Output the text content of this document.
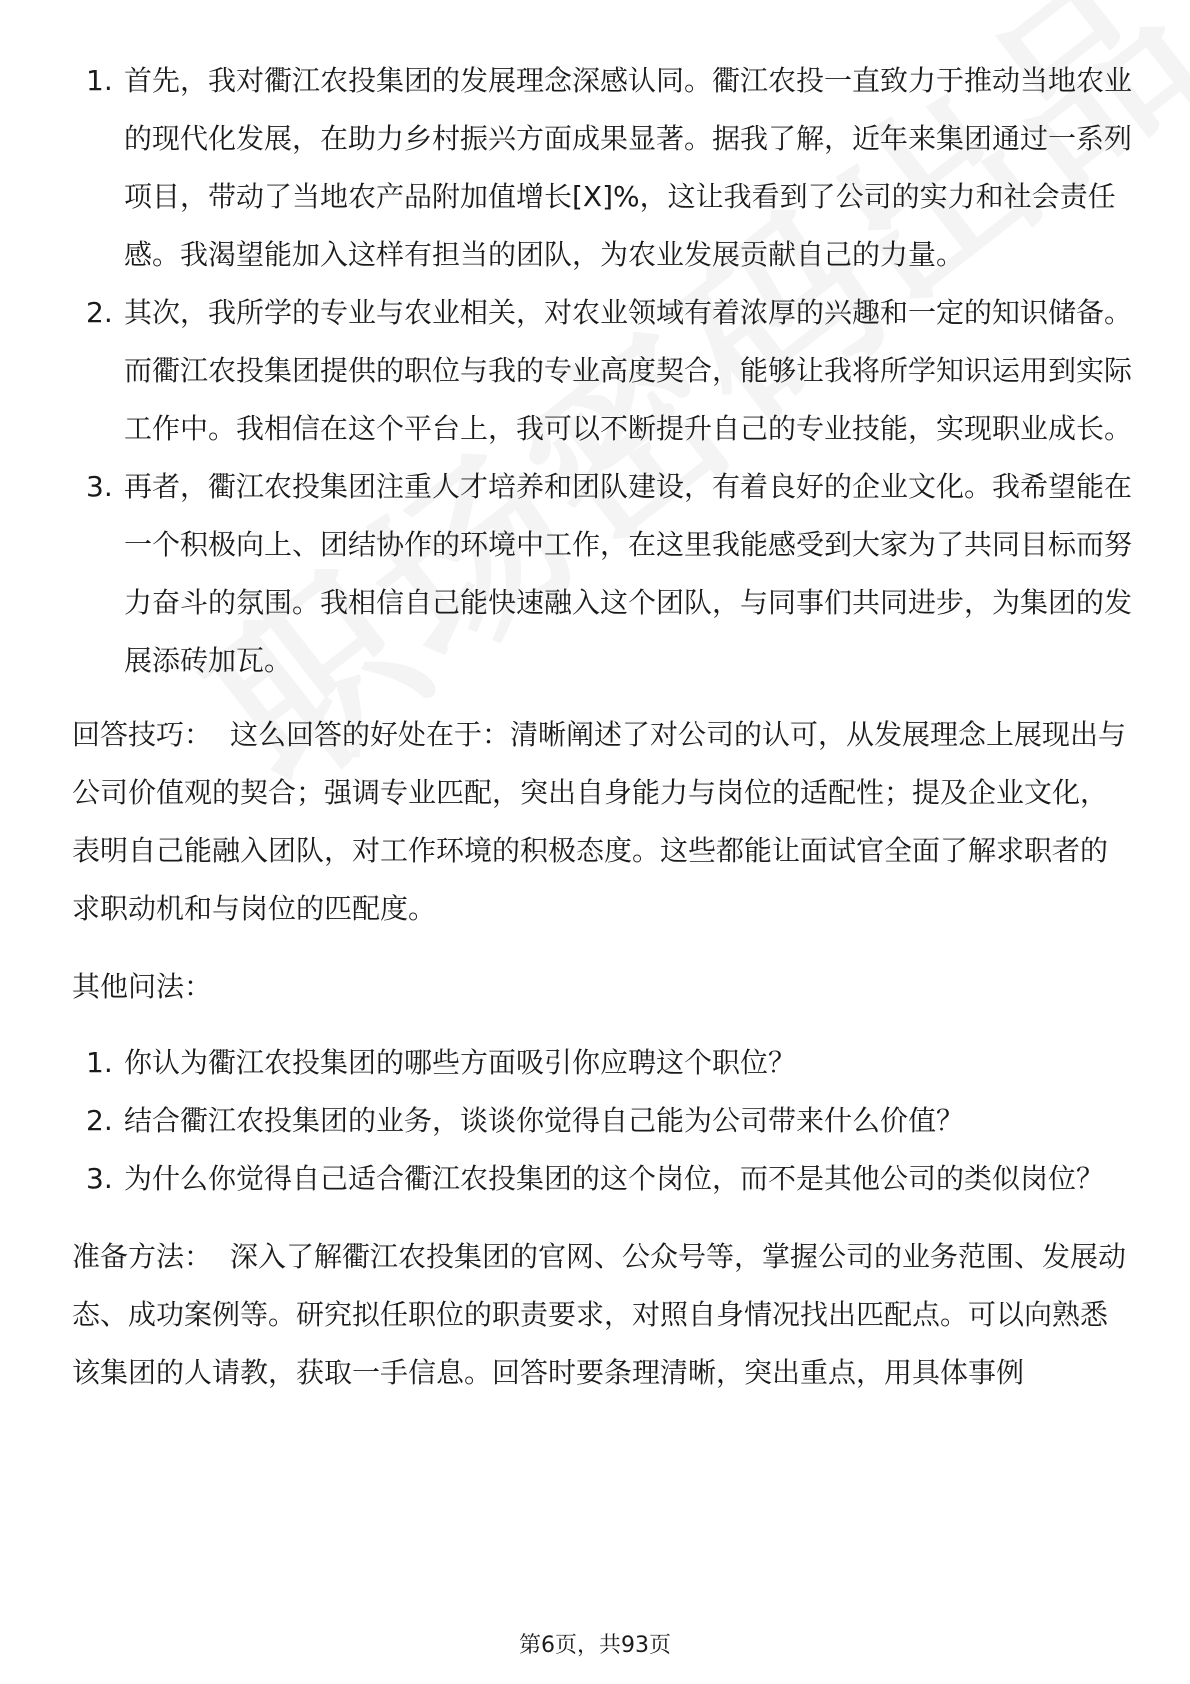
1. 首先，我对衢江农投集团的发展理念深感认同。衢江农投一直致力于推动当地农业的现代化发展，在助力乡村振兴方面成果显著。据我了解，近年来集团通过一系列项目，带动了当地农产品附加值增长[X]%，这让我看到了公司的实力和社会责任感。我渴望能加入这样有担当的团队，为农业发展贡献自己的力量。
2. 其次，我所学的专业与农业相关，对农业领域有着浓厚的兴趣和一定的知识储备。而衢江农投集团提供的职位与我的专业高度契合，能够让我将所学知识运用到实际工作中。我相信在这个平台上，我可以不断提升自己的专业技能，实现职业成长。
3. 再者，衢江农投集团注重人才培养和团队建设，有着良好的企业文化。我希望能在一个积极向上、团结协作的环境中工作，在这里我能感受到大家为了共同目标而努力奋斗的氛围。我相信自己能快速融入这个团队，与同事们共同进步，为集团的发展添砖加瓦。

回答技巧： 这么回答的好处在于：清晰阐述了对公司的认可，从发展理念上展现出与公司价值观的契合；强调专业匹配，突出自身能力与岗位的适配性；提及企业文化，表明自己能融入团队，对工作环境的积极态度。这些都能让面试官全面了解求职者的求职动机和与岗位的匹配度。

其他问法：

1. 你认为衢江农投集团的哪些方面吸引你应聘这个职位？
2. 结合衢江农投集团的业务，谈谈你觉得自己能为公司带来什么价值？
3. 为什么你觉得自己适合衢江农投集团的这个岗位，而不是其他公司的类似岗位？

准备方法： 深入了解衢江农投集团的官网、公众号等，掌握公司的业务范围、发展动态、成功案例等。研究拟任职位的职责要求，对照自身情况找出匹配点。可以向熟悉该集团的人请教，获取一手信息。回答时要条理清晰，突出重点，用具体事例

第6页，共93页
